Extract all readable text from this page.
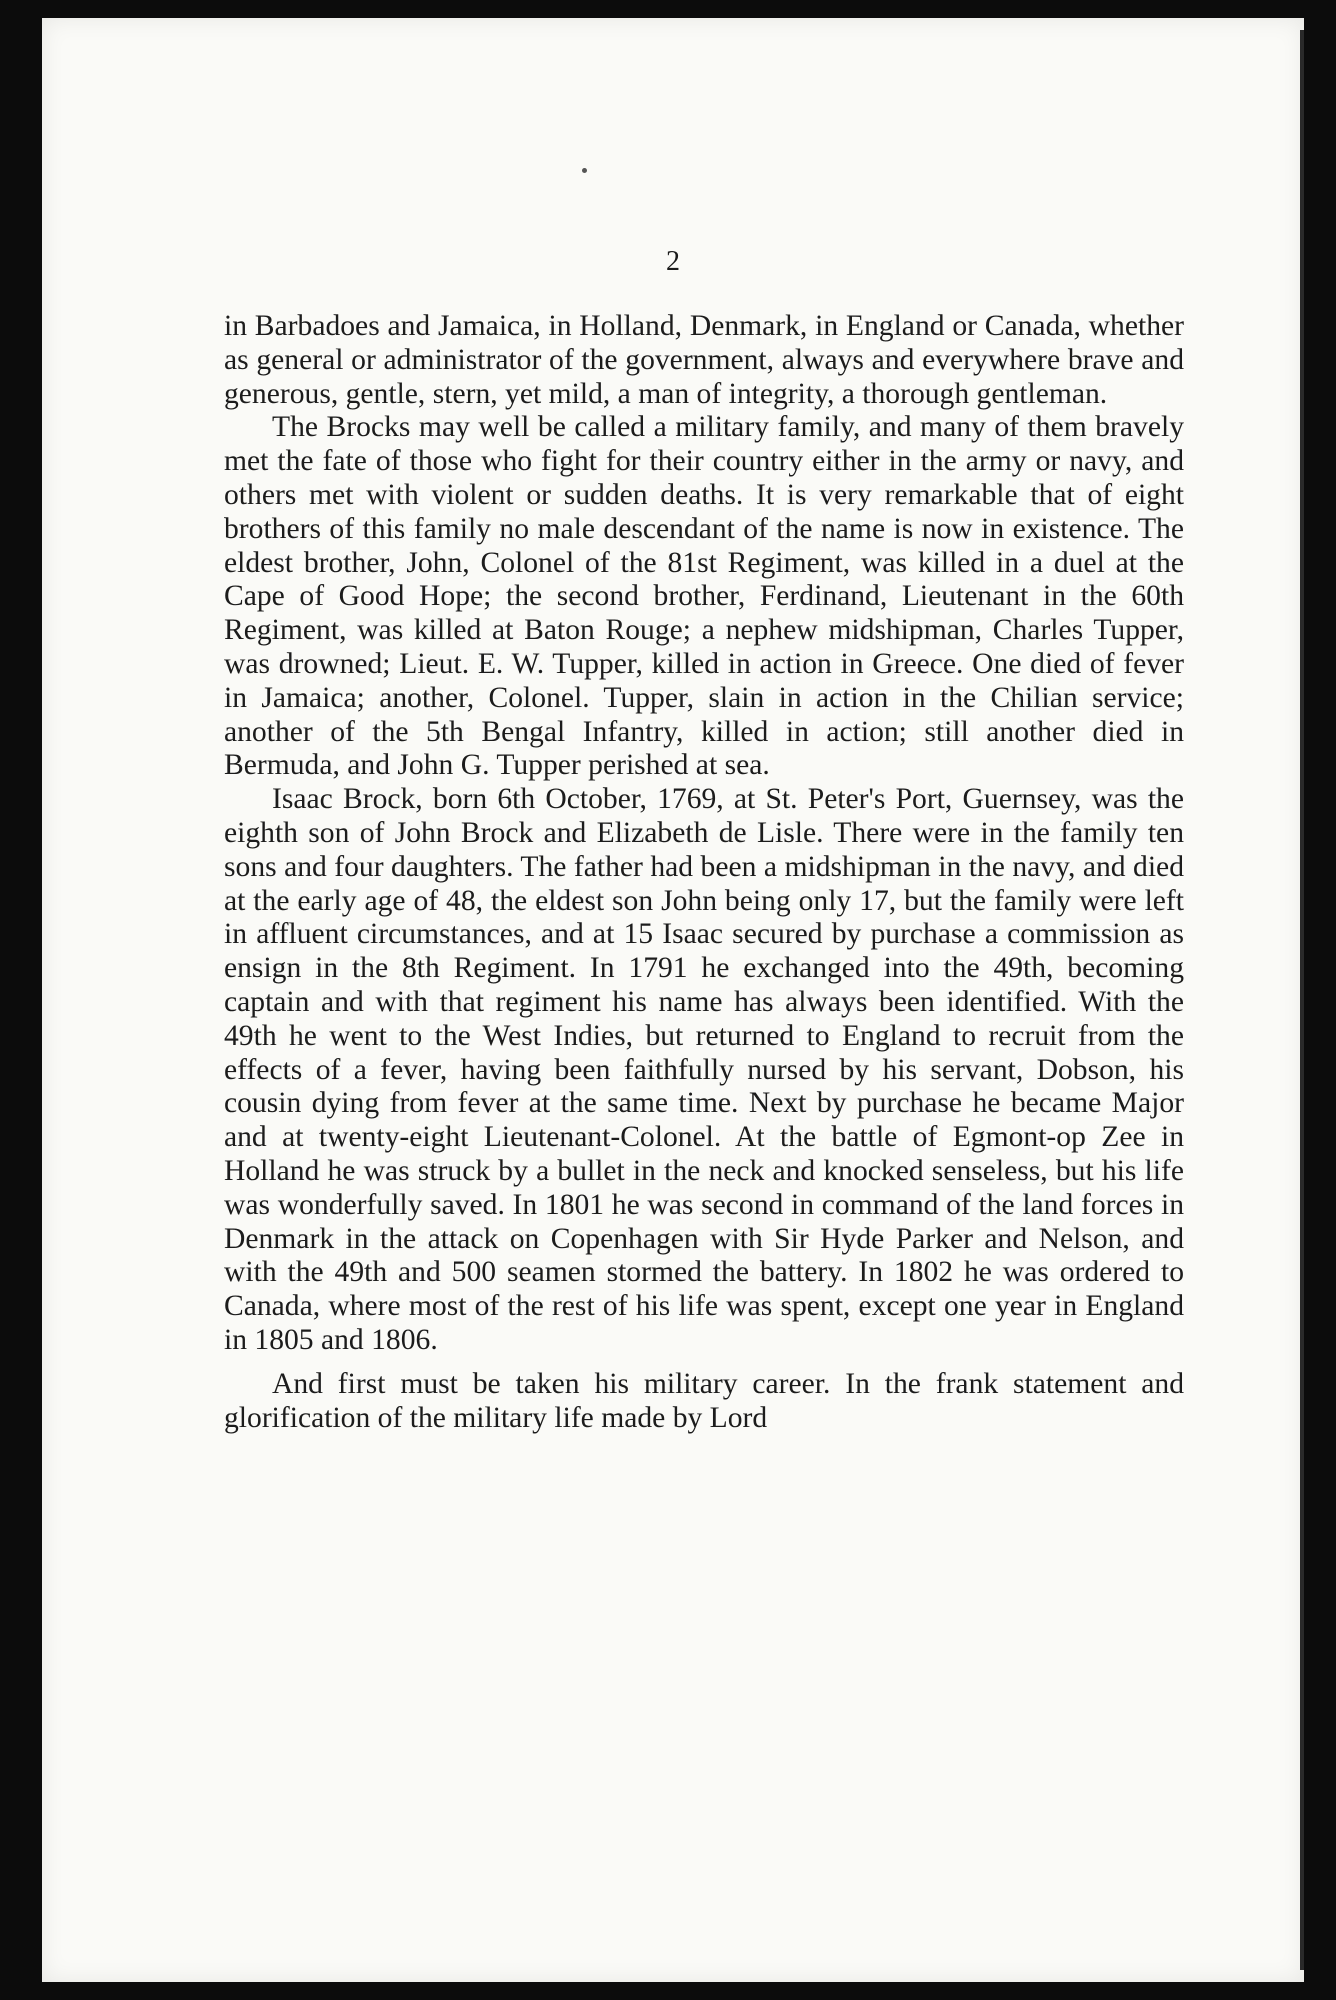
2

in Barbadoes and Jamaica, in Holland, Denmark, in England or Canada, whether as general or administrator of the government, always and everywhere brave and generous, gentle, stern, yet mild, a man of integrity, a thorough gentleman.

The Brocks may well be called a military family, and many of them bravely met the fate of those who fight for their country either in the army or navy, and others met with violent or sudden deaths. It is very remarkable that of eight brothers of this family no male descendant of the name is now in existence. The eldest brother, John, Colonel of the 81st Regiment, was killed in a duel at the Cape of Good Hope; the second brother, Ferdinand, Lieutenant in the 60th Regiment, was killed at Baton Rouge; a nephew midshipman, Charles Tupper, was drowned; Lieut. E. W. Tupper, killed in action in Greece. One died of fever in Jamaica; another, Colonel. Tupper, slain in action in the Chilian service; another of the 5th Bengal Infantry, killed in action; still another died in Bermuda, and John G. Tupper perished at sea.

Isaac Brock, born 6th October, 1769, at St. Peter's Port, Guernsey, was the eighth son of John Brock and Elizabeth de Lisle. There were in the family ten sons and four daughters. The father had been a midshipman in the navy, and died at the early age of 48, the eldest son John being only 17, but the family were left in affluent circumstances, and at 15 Isaac secured by purchase a commission as ensign in the 8th Regiment. In 1791 he exchanged into the 49th, becoming captain and with that regiment his name has always been identified. With the 49th he went to the West Indies, but returned to England to recruit from the effects of a fever, having been faithfully nursed by his servant, Dobson, his cousin dying from fever at the same time. Next by purchase he became Major and at twenty-eight Lieutenant-Colonel. At the battle of Egmont-op Zee in Holland he was struck by a bullet in the neck and knocked senseless, but his life was wonderfully saved. In 1801 he was second in command of the land forces in Denmark in the attack on Copenhagen with Sir Hyde Parker and Nelson, and with the 49th and 500 seamen stormed the battery. In 1802 he was ordered to Canada, where most of the rest of his life was spent, except one year in England in 1805 and 1806.

And first must be taken his military career. In the frank statement and glorification of the military life made by Lord
